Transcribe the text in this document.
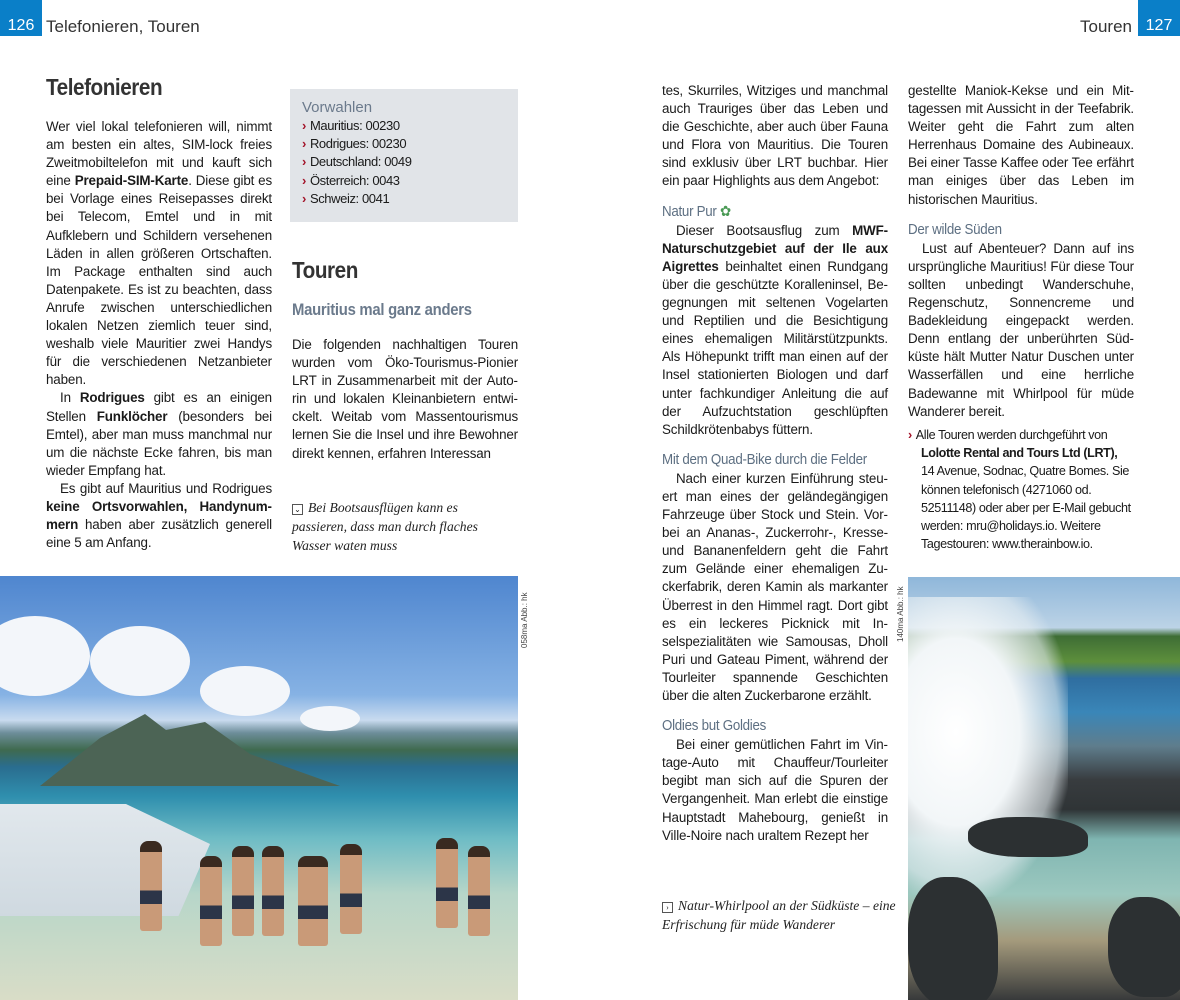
126 Telefonieren, Touren
Telefonieren

Wer viel lokal telefonieren will, nimmt am besten ein altes, SIM-lock freies Zweitmobiltelefon mit und kauft sich eine Prepaid-SIM-Karte. Diese gibt es bei Vorlage eines Reisepasses direkt bei Telecom, Emtel und in mit Aufklebern und Schildern versehenen Läden in allen größeren Ortschaften. Im Package enthalten sind auch Datenpakete. Es ist zu beachten, dass Anrufe zwischen unterschiedlichen lokalen Netzen ziemlich teuer sind, weshalb viele Mauritier zwei Handys für die verschiedenen Netzanbieter haben.

In Rodrigues gibt es an einigen Stellen Funklöcher (besonders bei Emtel), aber man muss manchmal nur um die nächste Ecke fahren, bis man wieder Empfang hat.

Es gibt auf Mauritius und Rodrigues keine Ortsvorwahlen, Handynummern haben aber zusätzlich generell eine 5 am Anfang.

Vorwahlen
› Mauritius: 00230
› Rodrigues: 00230
› Deutschland: 0049
› Österreich: 0043
› Schweiz: 0041
Touren
Mauritius mal ganz anders

Die folgenden nachhaltigen Touren wurden vom Öko-Tourismus-Pionier LRT in Zusammenarbeit mit der Autorin und lokalen Kleinanbietern entwickelt. Weitab vom Massentourismus lernen Sie die Insel und ihre Bewohner direkt kennen, erfahren Interessan

⌄ Bei Bootsausflügen kann es passieren, dass man durch flaches Wasser waten muss
058ma Abb.: hk
Touren 127

tes, Skurriles, Witziges und manchmal auch Trauriges über das Leben und die Geschichte, aber auch über Fauna und Flora von Mauritius. Die Touren sind exklusiv über LRT buchbar. Hier ein paar Highlights aus dem Angebot:

Natur Pur ✿

Dieser Bootsausflug zum MWF-Naturschutzgebiet auf der Ile aux Aigrettes beinhaltet einen Rundgang über die geschützte Koralleninsel, Begegnungen mit seltenen Vogelarten und Reptilien und die Besichtigung eines ehemaligen Militärstützpunkts. Als Höhepunkt trifft man einen auf der Insel stationierten Biologen und darf unter fachkundiger Anleitung die auf der Aufzuchtstation geschlüpften Schildkrötenbabys füttern.

Mit dem Quad-Bike durch die Felder

Nach einer kurzen Einführung steuert man eines der geländegängigen Fahrzeuge über Stock und Stein. Vorbei an Ananas-, Zuckerrohr-, Kresse- und Bananenfeldern geht die Fahrt zum Gelände einer ehemaligen Zuckerfabrik, deren Kamin als markanter Überrest in den Himmel ragt. Dort gibt es ein leckeres Picknick mit Inselspezialitäten wie Samousas, Dholl Puri und Gateau Piment, während der Tourleiter spannende Geschichten über die alten Zuckerbarone erzählt.

Oldies but Goldies

Bei einer gemütlichen Fahrt im Vintage-Auto mit Chauffeur/Tourleiter begibt man sich auf die Spuren der Vergangenheit. Man erlebt die einstige Hauptstadt Mahebourg, genießt in Ville-Noire nach uraltem Rezept her

gestellte Maniok-Kekse und ein Mittagessen mit Aussicht in der Teefabrik. Weiter geht die Fahrt zum alten Herrenhaus Domaine des Aubineaux. Bei einer Tasse Kaffee oder Tee erfährt man einiges über das Leben im historischen Mauritius.

Der wilde Süden

Lust auf Abenteuer? Dann auf ins ursprüngliche Mauritius! Für diese Tour sollten unbedingt Wanderschuhe, Regenschutz, Sonnencreme und Badekleidung eingepackt werden. Denn entlang der unberührten Südküste hält Mutter Natur Duschen unter Wasserfällen und eine herrliche Badewanne mit Whirlpool für müde Wanderer bereit.

› Alle Touren werden durchgeführt von
Lolotte Rental and Tours Ltd (LRT),
14 Avenue, Sodnac, Quatre Bomes. Sie können telefonisch (4271060 od. 52511148) oder aber per E-Mail gebucht werden: mru@holidays.io. Weitere Tagestouren: www.therainbow.io.
› Natur-Whirlpool an der Südküste – eine Erfrischung für müde Wanderer
140ma Abb.: hk
